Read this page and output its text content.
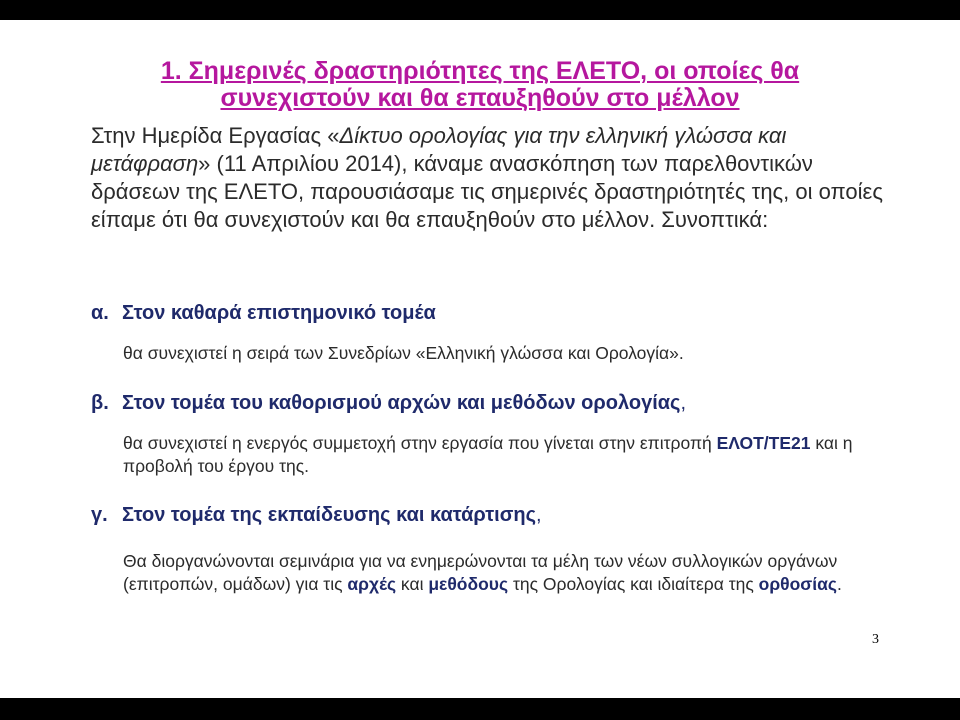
1. Σημερινές δραστηριότητες της ΕΛΕΤΟ, οι οποίες θα
συνεχιστούν και θα επαυξηθούν στο μέλλον

Στην Ημερίδα Εργασίας «Δίκτυο ορολογίας για την ελληνική γλώσσα και μετάφραση» (11 Απριλίου 2014), κάναμε ανασκόπηση των παρελθοντικών δράσεων της ΕΛΕΤΟ, παρουσιάσαμε τις σημερινές δραστηριότητές της, οι οποίες είπαμε ότι θα συνεχιστούν και θα επαυξηθούν στο μέλλον. Συνοπτικά:

α. Στον καθαρά επιστημονικό τομέα

θα συνεχιστεί η σειρά των Συνεδρίων «Ελληνική γλώσσα και Ορολογία».

β. Στον τομέα του καθορισμού αρχών και μεθόδων ορολογίας,

θα συνεχιστεί η ενεργός συμμετοχή στην εργασία που γίνεται στην επιτροπή ΕΛΟΤ/ΤΕ21 και η προβολή του έργου της.

γ. Στον τομέα της εκπαίδευσης και κατάρτισης,

Θα διοργανώνονται σεμινάρια για να ενημερώνονται τα μέλη των νέων συλλογικών οργάνων (επιτροπών, ομάδων) για τις αρχές και μεθόδους της Ορολογίας και ιδιαίτερα της ορθοσίας.

3
